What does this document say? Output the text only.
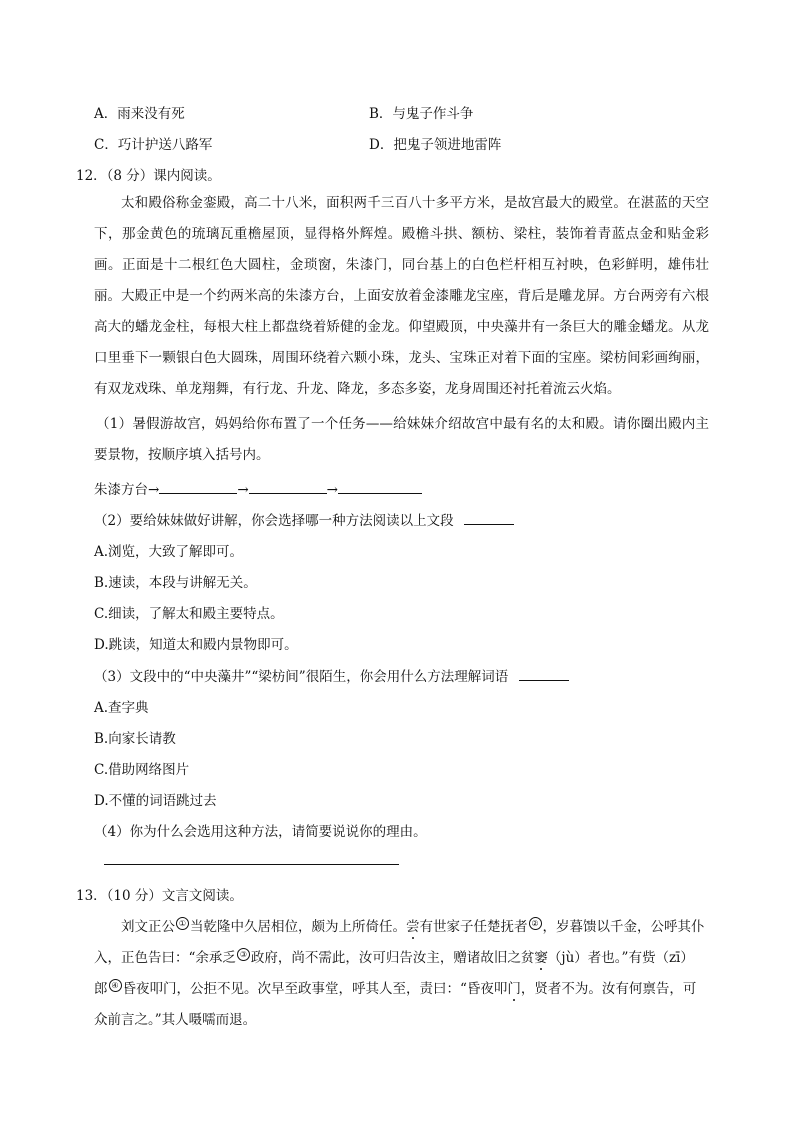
A．雨来没有死	B．与鬼子作斗争
C．巧计护送八路军	D．把鬼子领进地雷阵
12．（8 分）课内阅读。
太和殿俗称金銮殿，高二十八米，面积两千三百八十多平方米，是故宫最大的殿堂。在湛蓝的天空下，那金黄色的琉璃瓦重檐屋顶，显得格外辉煌。殿檐斗拱、额枋、梁柱，装饰着青蓝点金和贴金彩画。正面是十二根红色大圆柱，金琐窗，朱漆门，同台基上的白色栏杆相互衬映，色彩鲜明，雄伟壮丽。 大殿正中是一个约两米高的朱漆方台，上面安放着金漆雕龙宝座，背后是雕龙屏。方台两旁有六根高大的蟠龙金柱，每根大柱上都盘绕着矫健的金龙。仰望殿顶，中央藻井有一条巨大的雕金蟠龙。从龙口里垂下一颗银白色大圆珠，周围环绕着六颗小珠，龙头、宝珠正对着下面的宝座。梁枋间彩画绚丽，有双龙戏珠、单龙翔舞，有行龙、升龙、降龙，多态多姿，龙身周围还衬托着流云火焰。
（1）暑假游故宫，妈妈给你布置了一个任务——给妹妹介绍故宫中最有名的太和殿。请你圈出殿内主要景物，按顺序填入括号内。
朱漆方台→	→	→
（2）要给妹妹做好讲解，你会选择哪一种方法阅读以上文段
A.浏览，大致了解即可。
B.速读，本段与讲解无关。
C.细读，了解太和殿主要特点。
D.跳读，知道太和殿内景物即可。
（3）文段中的“中央藻井”“梁枋间”很陌生，你会用什么方法理解词语
A.查字典
B.向家长请教
C.借助网络图片
D.不懂的词语跳过去
（4）你为什么会选用这种方法，请简要说说你的理由。
13．（10 分）文言文阅读。
刘文正公 ① 当乾隆中久居相位，颇为上所倚任。尝有世家子任楚抚者 ② ，岁暮馈以千金，公呼其仆
入，正色告曰：“余承乏 ③ 政府，尚不需此，汝可归告汝主，赠诸故旧之贫窭（jù）者也。”有赀（zī）
郎 ④ 昏夜叩门，公拒不见。次早至政事堂，呼其人至，责曰：“昏夜叩门，贤者不为。汝有何禀告，可
众前言之。”其人嗫嚅而退。
